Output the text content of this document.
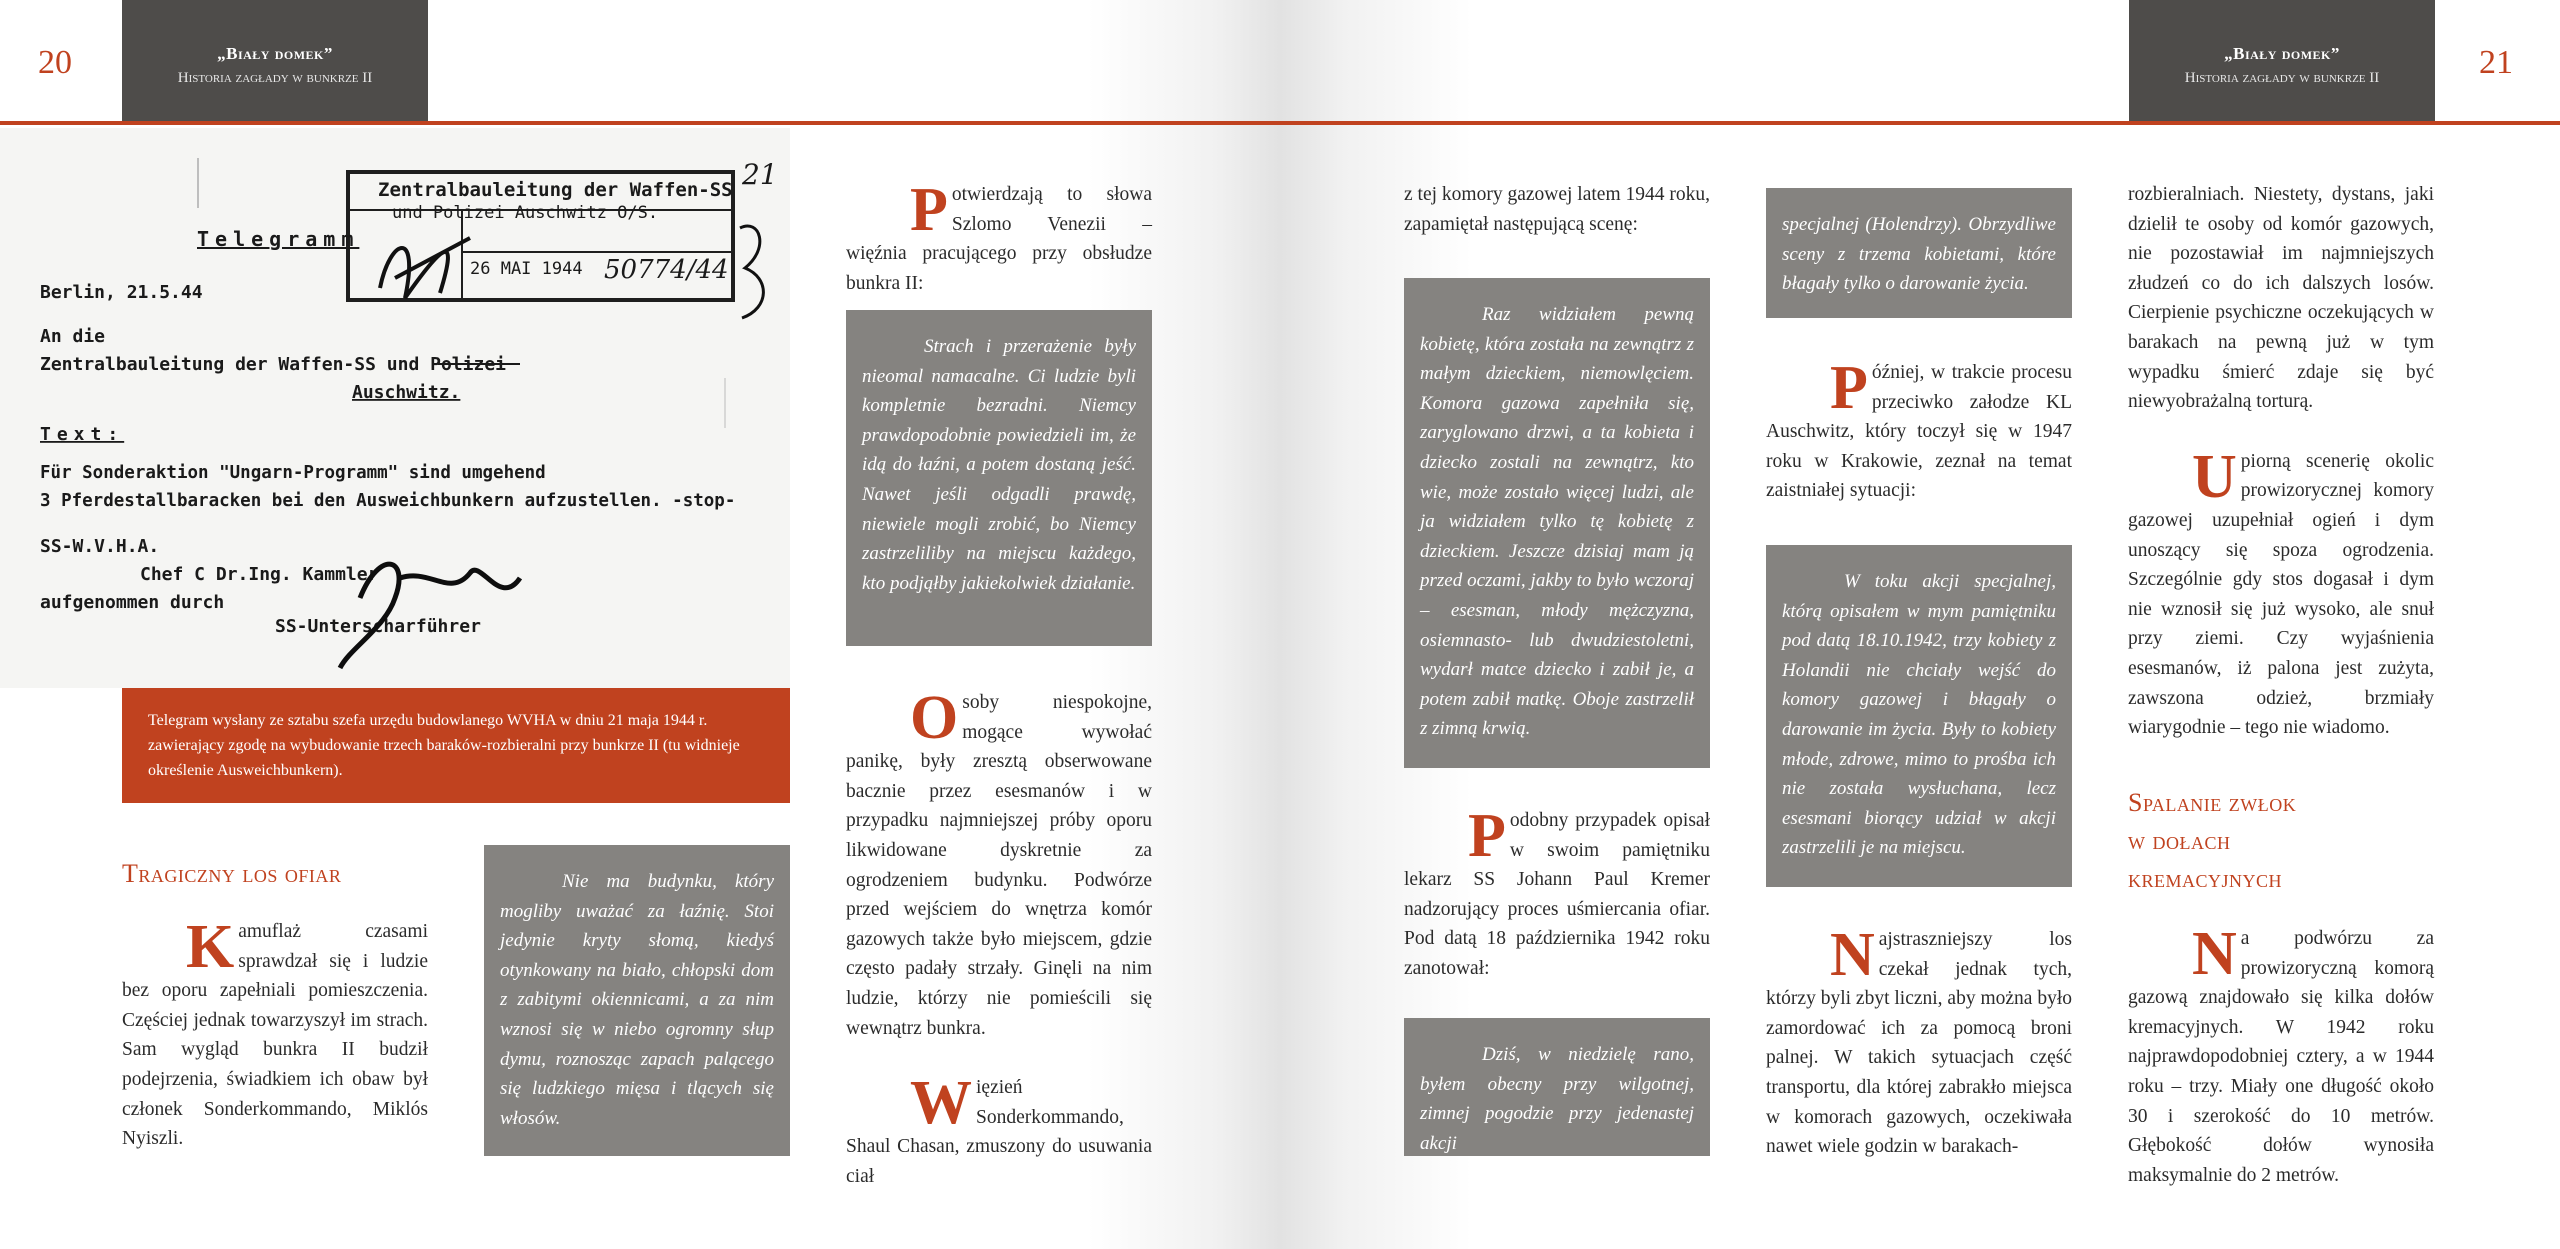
20	„Biały domek”
Historia zagłady w bunkrze II
Zentralbauleitung der Waffen-SS
und Polizei Auschwitz O/S.
26 MAI 1944 50774/44
21
Telegramm
Berlin, 21.5.44
An die
Zentralbauleitung der Waffen-SS und Polizei
Auschwitz.
Text:
Für Sonderaktion "Ungarn-Programm" sind umgehend
3 Pferdestallbaracken bei den Ausweichbunkern aufzustellen. -stop-
SS-W.V.H.A.
Chef C Dr.Ing. Kammler
aufgenommen durch
SS-Unterscharführer
Telegram wysłany ze sztabu szefa urzędu budowlanego WVHA w dniu 21 maja 1944 r. zawierający zgodę na wybudowanie trzech baraków-rozbieralni przy bunkrze II (tu widnieje określenie Ausweichbunkern).
Tragiczny los ofiar

Kamuflaż czasami sprawdzał się i ludzie bez oporu zapełniali pomieszczenia. Częściej jednak towarzyszył im strach. Sam wygląd bunkra II budził podejrzenia, świadkiem ich obaw był członek Sonderkommando, Miklós Nyiszli.

Nie ma budynku, który mogliby uważać za łaźnię. Stoi jedynie kryty słomą, kiedyś otynkowany na biało, chłopski dom z zabitymi okiennicami, a za nim wznosi się w niebo ogromny słup dymu, roznosząc zapach palącego się ludzkiego mięsa i tlących się włosów.

Potwierdzają to słowa Szlomo Venezii – więźnia pracującego przy obsłudze bunkra II:

Strach i przerażenie były nieomal namacalne. Ci ludzie byli kompletnie bezradni. Niemcy prawdopodobnie powiedzieli im, że idą do łaźni, a potem dostaną jeść. Nawet jeśli odgadli prawdę, niewiele mogli zrobić, bo Niemcy zastrzeliliby na miejscu każdego, kto podjąłby jakiekolwiek działanie.

Osoby niespokojne, mogące wywołać panikę, były zresztą obserwowane bacznie przez esesmanów i w przypadku najmniejszej próby oporu likwidowane dyskretnie za ogrodzeniem budynku. Podwórze przed wejściem do wnętrza komór gazowych także było miejscem, gdzie często padały strzały. Ginęli na nim ludzie, którzy nie pomieścili się wewnątrz bunkra.

Więzień Sonderkommando, Shaul Chasan, zmuszony do usuwania ciał

21
„Biały domek”
Historia zagłady w bunkrze II

z tej komory gazowej latem 1944 roku, zapamiętał następującą scenę:

Raz widziałem pewną kobietę, która została na zewnątrz z małym dzieckiem, niemowlęciem. Komora gazowa zapełniła się, zaryglowano drzwi, a ta kobieta i dziecko zostali na zewnątrz, kto wie, może zostało więcej ludzi, ale ja widziałem tylko tę kobietę z dzieckiem. Jeszcze dzisiaj mam ją przed oczami, jakby to było wczoraj – esesman, młody mężczyzna, osiemnasto- lub dwudziestoletni, wydarł matce dziecko i zabił je, a potem zabił matkę. Oboje zastrzelił z zimną krwią.

Podobny przypadek opisał w swoim pamiętniku lekarz SS Johann Paul Kremer nadzorujący proces uśmiercania ofiar. Pod datą 18 października 1942 roku zanotował:

Dziś, w niedzielę rano, byłem obecny przy wilgotnej, zimnej pogodzie przy jedenastej akcji
specjalnej (Holendrzy). Obrzydliwe sceny z trzema kobietami, które błagały tylko o darowanie życia.

Później, w trakcie procesu przeciwko załodze KL Auschwitz, który toczył się w 1947 roku w Krakowie, zeznał na temat zaistniałej sytuacji:

W toku akcji specjalnej, którą opisałem w mym pamiętniku pod datą 18.10.1942, trzy kobiety z Holandii nie chciały wejść do komory gazowej i błagały o darowanie im życia. Były to kobiety młode, zdrowe, mimo to prośba ich nie została wysłuchana, lecz esesmani biorący udział w akcji zastrzelili je na miejscu.

Najstraszniejszy los czekał jednak tych, którzy byli zbyt liczni, aby można było zamordować ich za pomocą broni palnej. W takich sytuacjach część transportu, dla której zabrakło miejsca w komorach gazowych, oczekiwała nawet wiele godzin w barakach-

rozbieralniach. Niestety, dystans, jaki dzielił te osoby od komór gazowych, nie pozostawiał im najmniejszych złudzeń co do ich dalszych losów. Cierpienie psychiczne oczekujących w barakach na pewną już w tym wypadku śmierć zdaje się być niewyobrażalną torturą.

Upiorną scenerię okolic prowizorycznej komory gazowej uzupełniał ogień i dym unoszący się spoza ogrodzenia. Szczególnie gdy stos dogasał i dym nie wznosił się już wysoko, ale snuł przy ziemi. Czy wyjaśnienia esesmanów, iż palona jest zużyta, zawszona odzież, brzmiały wiarygodnie – tego nie wiadomo.

Spalanie zwłok
w dołach
kremacyjnych

Na podwórzu za prowizoryczną komorą gazową znajdowało się kilka dołów kremacyjnych. W 1942 roku najprawdopodobniej cztery, a w 1944 roku – trzy. Miały one długość około 30 i szerokość do 10 metrów. Głębokość dołów wynosiła maksymalnie do 2 metrów.
